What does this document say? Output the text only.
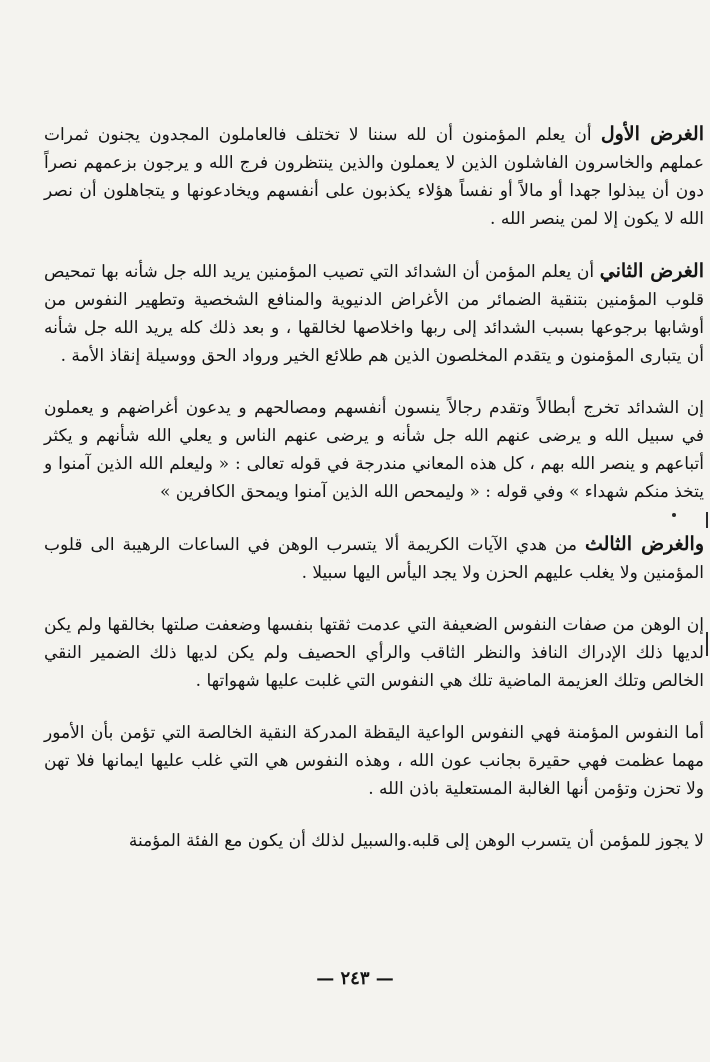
الغرض الأول أن يعلم المؤمنون أن لله سننا لا تختلف فالعاملون المجدون يجنون ثمرات عملهم والخاسرون الفاشلون الذين لا يعملون والذين ينتظرون فرج الله و يرجون بزعمهم نصراً دون أن يبذلوا جهدا أو مالاً أو نفساً هؤلاء يكذبون على أنفسهم ويخادعونها و يتجاهلون أن نصر الله لا يكون إلا لمن ينصر الله .

الغرض الثاني أن يعلم المؤمن أن الشدائد التي تصيب المؤمنين يريد الله جل شأنه بها تمحيص قلوب المؤمنين بتنقية الضمائر من الأغراض الدنيوية والمنافع الشخصية وتطهير النفوس من أوشابها برجوعها بسبب الشدائد إلى ربها واخلاصها لخالقها ، و بعد ذلك كله يريد الله جل شأنه أن يتبارى المؤمنون و يتقدم المخلصون الذين هم طلائع الخير ورواد الحق ووسيلة إنقاذ الأمة .

إن الشدائد تخرج أبطالاً وتقدم رجالاً ينسون أنفسهم ومصالحهم و يدعون أغراضهم و يعملون في سبيل الله و يرضى عنهم الله جل شأنه و يرضى عنهم الناس و يعلي الله شأنهم و يكثر أتباعهم و ينصر الله بهم ، كل هذه المعاني مندرجة في قوله تعالى : « وليعلم الله الذين آمنوا و يتخذ منكم شهداء » وفي قوله : « وليمحص الله الذين آمنوا ويمحق الكافرين »

والغرض الثالث من هدي الآيات الكريمة ألا يتسرب الوهن في الساعات الرهيبة الى قلوب المؤمنين ولا يغلب عليهم الحزن ولا يجد اليأس اليها سبيلا .

إن الوهن من صفات النفوس الضعيفة التي عدمت ثقتها بنفسها وضعفت صلتها بخالقها ولم يكن لديها ذلك الإدراك النافذ والنظر الثاقب والرأي الحصيف ولم يكن لديها ذلك الضمير النقي الخالص وتلك العزيمة الماضية تلك هي النفوس التي غلبت عليها شهواتها .

أما النفوس المؤمنة فهي النفوس الواعية اليقظة المدركة النقية الخالصة التي تؤمن بأن الأمور مهما عظمت فهي حقيرة بجانب عون الله ، وهذه النفوس هي التي غلب عليها ايمانها فلا تهن ولا تحزن وتؤمن أنها الغالبة المستعلية باذن الله .

لا يجوز للمؤمن أن يتسرب الوهن إلى قلبه.والسبيل لذلك أن يكون مع الفئة المؤمنة

— ٢٤٣ —
